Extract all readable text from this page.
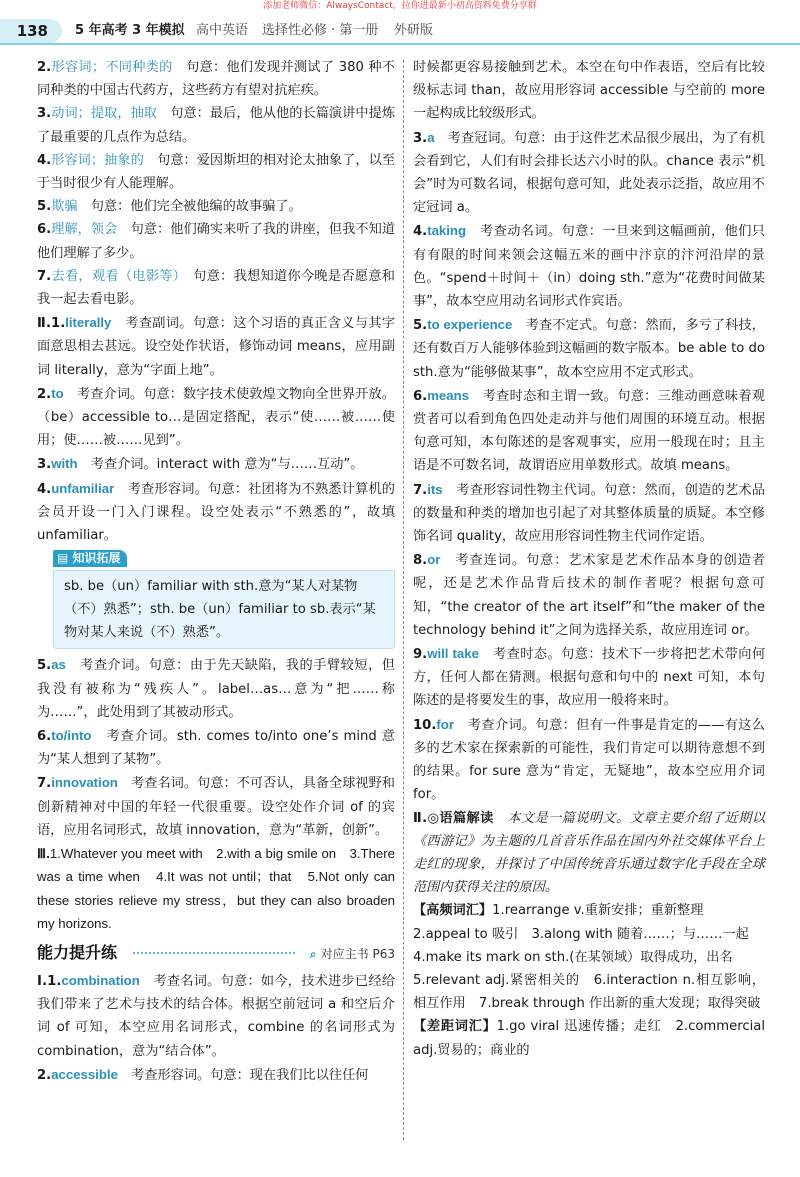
添加老师微信：AlwaysContact，拉你进最新小初高资料免费分享群
138	5 年高考 3 年模拟 高中英语 选择性必修 · 第一册 外研版
2.形容词；不同种类的　句意：他们发现并测试了 380 种不同种类的中国古代药方，这些药方有望对抗疟疾。
3.动词；提取，抽取　句意：最后，他从他的长篇演讲中提炼了最重要的几点作为总结。
4.形容词；抽象的　句意：爱因斯坦的相对论太抽象了，以至于当时很少有人能理解。
5.欺骗　句意：他们完全被他编的故事骗了。
6.理解，领会　句意：他们确实来听了我的讲座，但我不知道他们理解了多少。
7.去看，观看（电影等）　句意：我想知道你今晚是否愿意和我一起去看电影。
Ⅱ.1.literally　考查副词。句意：这个习语的真正含义与其字面意思相去甚远。设空处作状语，修饰动词 means，应用副词 literally，意为“字面上地”。
2.to　考查介词。句意：数字技术使敦煌文物向全世界开放。（be）accessible to…是固定搭配，表示“使……被……使用；使……被……见到”。
3.with　考查介词。interact with 意为“与……互动”。
4.unfamiliar　考查形容词。句意：社团将为不熟悉计算机的会员开设一门入门课程。设空处表示“不熟悉的”，故填 unfamiliar。
▤ 知识拓展
sb. be（un）familiar with sth.意为“某人对某物（不）熟悉”；sth. be（un）familiar to sb.表示“某物对某人来说（不）熟悉”。
5.as　考查介词。句意：由于先天缺陷，我的手臂较短，但我没有被称为“残疾人”。label…as…意为“把……称为……”，此处用到了其被动形式。
6.to/into　考查介词。sth. comes to/into one’s mind 意为“某人想到了某物”。
7.innovation　考查名词。句意：不可否认，具备全球视野和创新精神对中国的年轻一代很重要。设空处作介词 of 的宾语，应用名词形式，故填 innovation，意为“革新，创新”。
Ⅲ.1.Whatever you meet with　2.with a big smile on　3.There was a time when　4.It was not until；that　5.Not only can these stories relieve my stress，but they can also broaden my horizons.
能力提升练	⌕ 对应主书 P63
Ⅰ.1.combination　考查名词。句意：如今，技术进步已经给我们带来了艺术与技术的结合体。根据空前冠词 a 和空后介词 of 可知，本空应用名词形式，combine 的名词形式为 combination，意为“结合体”。
2.accessible　考查形容词。句意：现在我们比以往任何
时候都更容易接触到艺术。本空在句中作表语，空后有比较级标志词 than，故应用形容词 accessible 与空前的 more 一起构成比较级形式。
3.a　考查冠词。句意：由于这件艺术品很少展出，为了有机会看到它，人们有时会排长达六小时的队。chance 表示“机会”时为可数名词，根据句意可知，此处表示泛指，故应用不定冠词 a。
4.taking　考查动名词。句意：一旦来到这幅画前，他们只有有限的时间来领会这幅五米的画中汴京的汴河沿岸的景色。“spend＋时间＋（in）doing sth.”意为“花费时间做某事”，故本空应用动名词形式作宾语。
5.to experience　考查不定式。句意：然而，多亏了科技，还有数百万人能够体验到这幅画的数字版本。be able to do sth.意为“能够做某事”，故本空应用不定式形式。
6.means　考查时态和主谓一致。句意：三维动画意味着观赏者可以看到角色四处走动并与他们周围的环境互动。根据句意可知，本句陈述的是客观事实，应用一般现在时；且主语是不可数名词，故谓语应用单数形式。故填 means。
7.its　考查形容词性物主代词。句意：然而，创造的艺术品的数量和种类的增加也引起了对其整体质量的质疑。本空修饰名词 quality，故应用形容词性物主代词作定语。
8.or　考查连词。句意：艺术家是艺术作品本身的创造者呢，还是艺术作品背后技术的制作者呢？根据句意可知，“the creator of the art itself”和“the maker of the technology behind it”之间为选择关系，故应用连词 or。
9.will take　考查时态。句意：技术下一步将把艺术带向何方，任何人都在猜测。根据句意和句中的 next 可知，本句陈述的是将要发生的事，故应用一般将来时。
10.for　考查介词。句意：但有一件事是肯定的——有这么多的艺术家在探索新的可能性，我们肯定可以期待意想不到的结果。for sure 意为“肯定，无疑地”，故本空应用介词 for。
Ⅱ.◎语篇解读　本文是一篇说明文。文章主要介绍了近期以《西游记》为主题的几首音乐作品在国内外社交媒体平台上走红的现象，并探讨了中国传统音乐通过数字化手段在全球范围内获得关注的原因。
【高频词汇】1.rearrange v.重新安排；重新整理
2.appeal to 吸引　3.along with 随着……；与……一起
4.make its mark on sth.(在某领域）取得成功，出名
5.relevant adj.紧密相关的　6.interaction n.相互影响，相互作用　7.break through 作出新的重大发现；取得突破
【差距词汇】1.go viral 迅速传播；走红　2.commercial adj.贸易的；商业的
